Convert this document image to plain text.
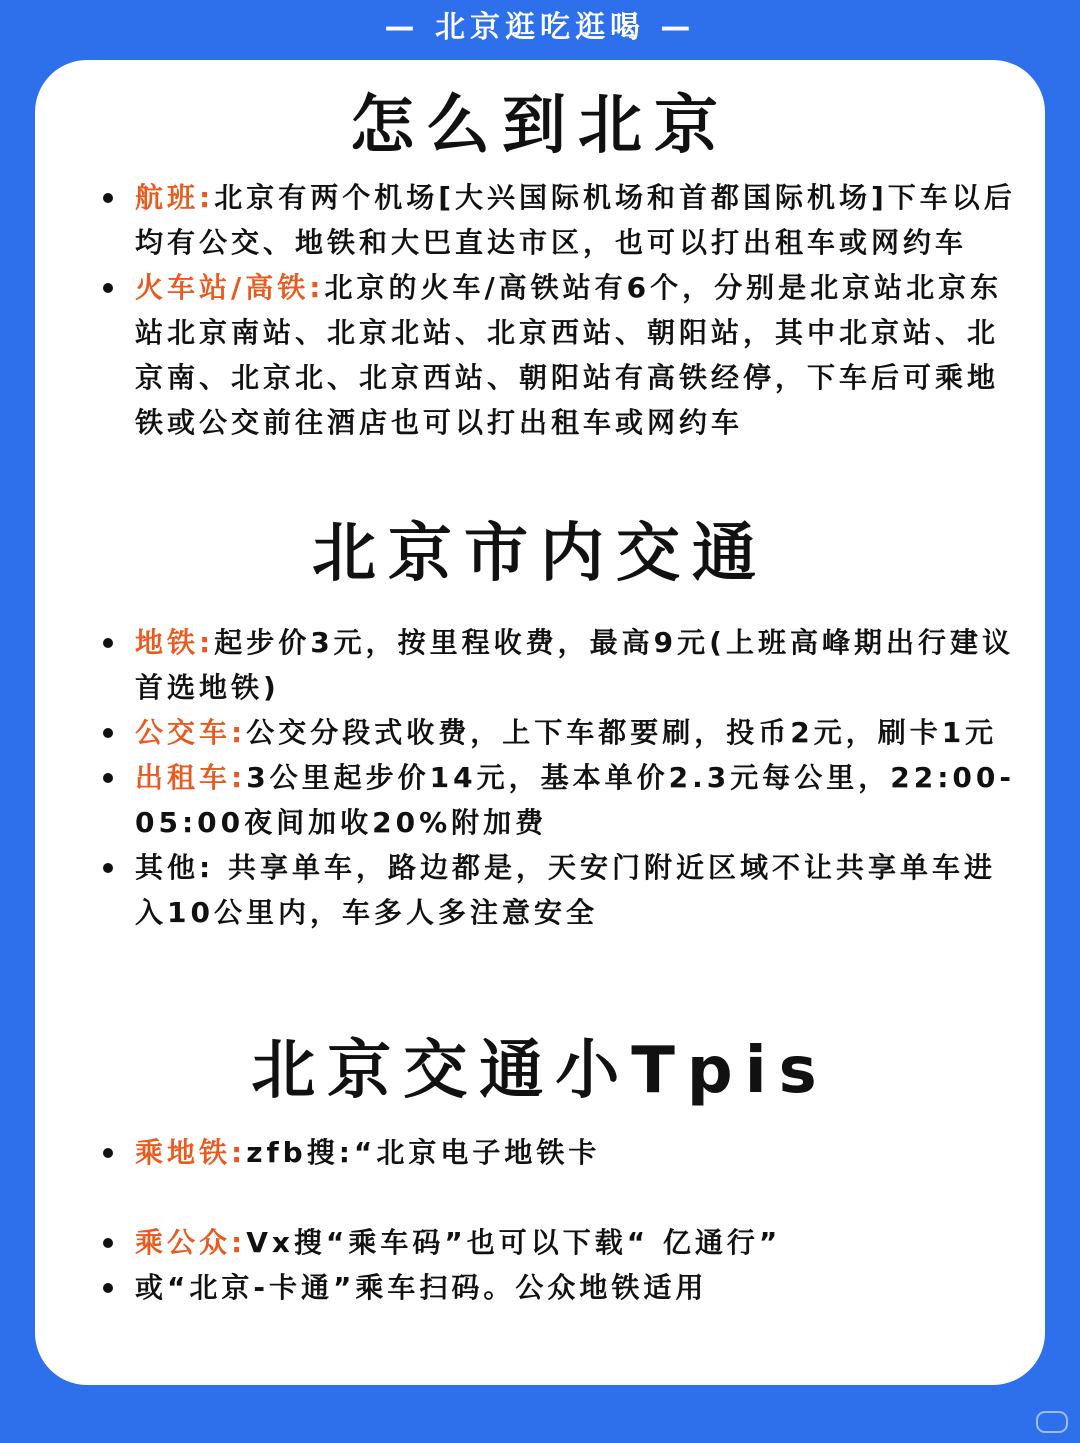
— 北京逛吃逛喝 —
怎么到北京
航班:北京有两个机场[大兴国际机场和首都国际机场]下车以后均有公交、地铁和大巴直达市区，也可以打出租车或网约车
火车站/高铁:北京的火车/高铁站有6个，分别是北京站北京东站北京南站、北京北站、北京西站、朝阳站，其中北京站、北京南、北京北、北京西站、朝阳站有高铁经停，下车后可乘地铁或公交前往酒店也可以打出租车或网约车
北京市内交通
地铁:起步价3元，按里程收费，最高9元(上班高峰期出行建议首选地铁)
公交车:公交分段式收费，上下车都要刷，投币2元，刷卡1元
出租车:3公里起步价14元，基本单价2.3元每公里，22:00-05:00夜间加收20%附加费
其他: 共享单车，路边都是，天安门附近区域不让共享单车进入10公里内，车多人多注意安全
北京交通小Tpis
乘地铁:zfb搜:“北京电子地铁卡
乘公众:Vx搜“乘车码”也可以下载“ 亿通行”
或“北京-卡通”乘车扫码。公众地铁适用
